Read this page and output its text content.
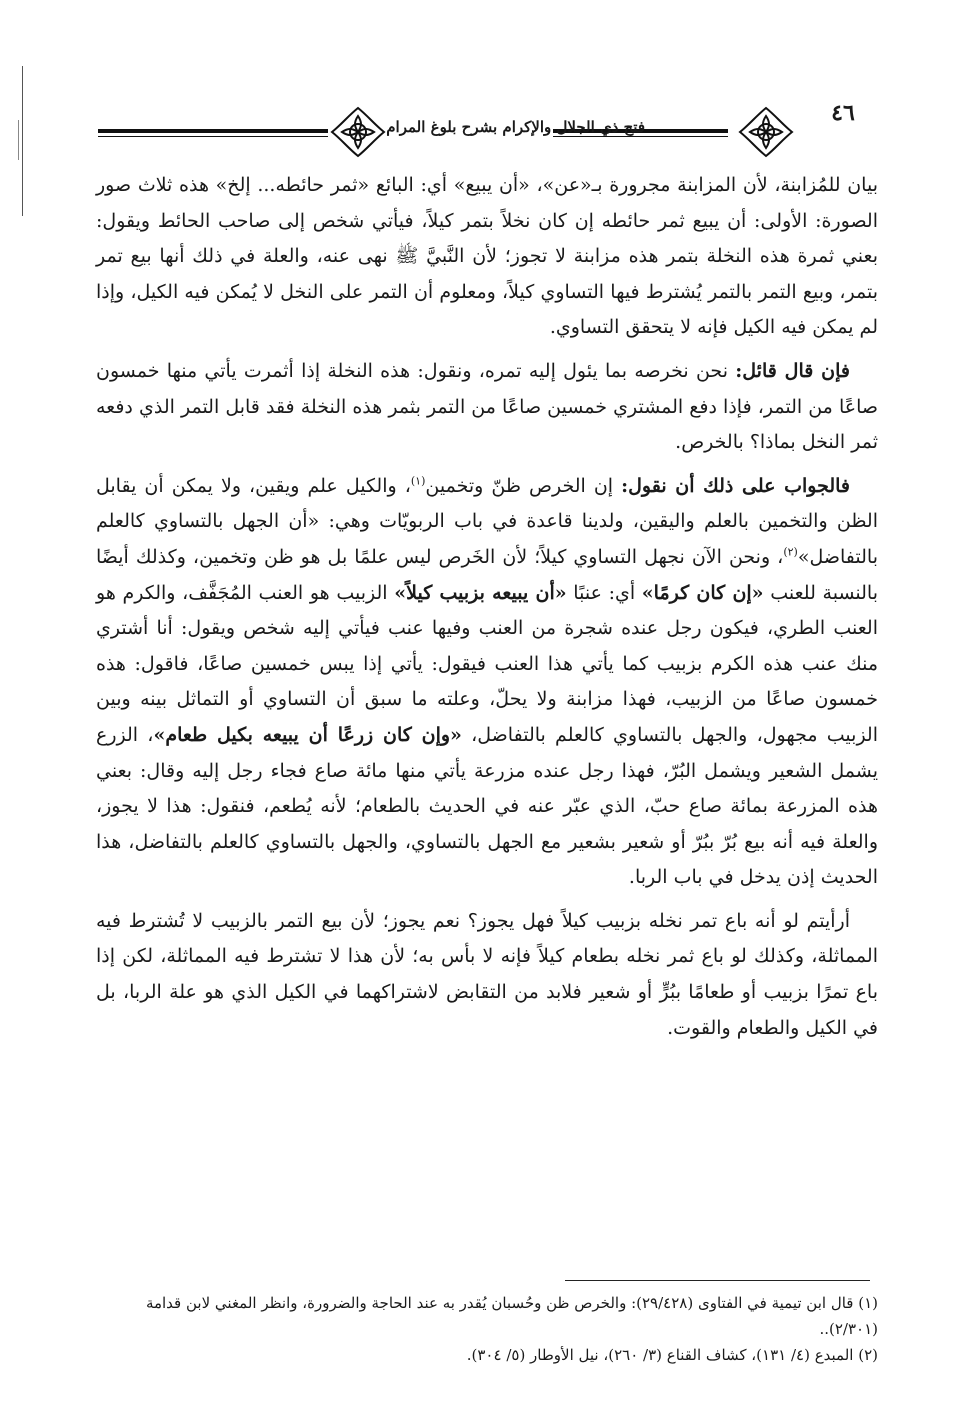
فتح ذي الجلال والإكرام بشرح بلوغ المرام
٤٦

بيان للمُزابنة، لأن المزابنة مجرورة بـ«عن»، «أن يبيع» أي: البائع «ثمر حائطه... إلخ» هذه ثلاث صور الصورة: الأولى: أن يبيع ثمر حائطه إن كان نخلاً بتمر كيلاً، فيأتي شخص إلى صاحب الحائط ويقول: بعني ثمرة هذه النخلة بتمر هذه مزابنة لا تجوز؛ لأن النَّبيَّ ﷺ نهى عنه، والعلة في ذلك أنها بيع تمر بتمر، وبيع التمر بالتمر يُشترط فيها التساوي كيلاً، ومعلوم أن التمر على النخل لا يُمكن فيه الكيل، وإذا لم يمكن فيه الكيل فإنه لا يتحقق التساوي.

فإن قال قائل: نحن نخرصه بما يئول إليه تمره، ونقول: هذه النخلة إذا أثمرت يأتي منها خمسون صاعًا من التمر، فإذا دفع المشتري خمسين صاعًا من التمر بثمر هذه النخلة فقد قابل التمر الذي دفعه ثمر النخل بماذا؟ بالخرص.

فالجواب على ذلك أن نقول: إن الخرص ظنّ وتخمين$^{(١)}$، والكيل علم ويقين، ولا يمكن أن يقابل الظن والتخمين بالعلم واليقين، ولدينا قاعدة في باب الربويّات وهي: «أن الجهل بالتساوي كالعلم بالتفاضل»$^{(٢)}$، ونحن الآن نجهل التساوي كيلاً؛ لأن الخَرص ليس علمًا بل هو ظن وتخمين، وكذلك أيضًا بالنسبة للعنب «إن كان كرمًا» أي: عنبًا «أن يبيعه بزبيب كيلاً» الزبيب هو العنب المُجَفَّف، والكرم هو العنب الطري، فيكون رجل عنده شجرة من العنب وفيها عنب فيأتي إليه شخص ويقول: أنا أشتري منك عنب هذه الكرم بزبيب كما يأتي هذا العنب فيقول: يأتي إذا يبس خمسين صاعًا، فاقول: هذه خمسون صاعًا من الزبيب، فهذا مزابنة ولا يحلّ، وعلته ما سبق أن التساوي أو التماثل بينه وبين الزبيب مجهول، والجهل بالتساوي كالعلم بالتفاضل، «وإن كان زرعًا أن يبيعه بكيل طعام»، الزرع يشمل الشعير ويشمل البُرّ، فهذا رجل عنده مزرعة يأتي منها مائة صاع فجاء رجل إليه وقال: بعني هذه المزرعة بمائة صاع حبّ، الذي عبّر عنه في الحديث بالطعام؛ لأنه يُطعم، فنقول: هذا لا يجوز، والعلة فيه أنه بيع بُرّ ببُرّ أو شعير بشعير مع الجهل بالتساوي، والجهل بالتساوي كالعلم بالتفاضل، هذا الحديث إذن يدخل في باب الربا.

أرأيتم لو أنه باع تمر نخله بزبيب كيلاً فهل يجوز؟ نعم يجوز؛ لأن بيع التمر بالزبيب لا تُشترط فيه المماثلة، وكذلك لو باع ثمر نخله بطعام كيلاً فإنه لا بأس به؛ لأن هذا لا تشترط فيه المماثلة، لكن إذا باع تمرًا بزبيب أو طعامًا ببُرٍّ أو شعير فلابد من التقابض لاشتراكهما في الكيل الذي هو علة الربا، بل في الكيل والطعام والقوت.

(١) قال ابن تيمية في الفتاوى (٢٩/٤٢٨): والخرص ظن وحُسبان يُقدر به عند الحاجة والضرورة، وانظر المغني لابن قدامة (٢/٣٠١)..
(٢) المبدع (٤/ ١٣١)، كشاف القناع (٣/ ٢٦٠)، نيل الأوطار (٥/ ٣٠٤).
